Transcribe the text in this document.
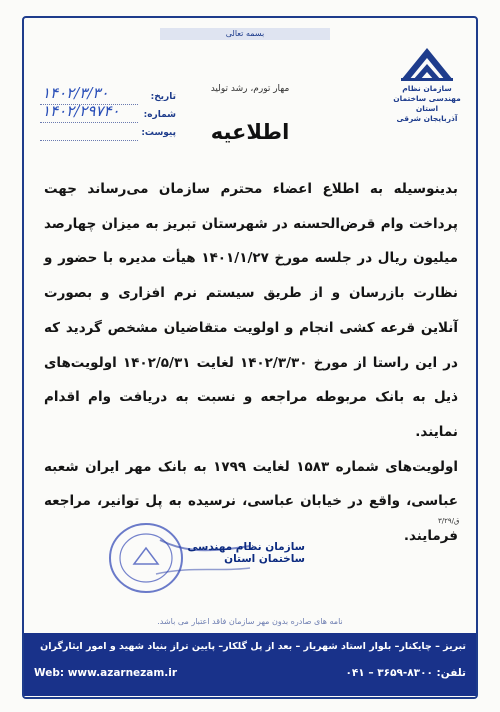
بسمه تعالی
سازمان نظام مهندسی ساختمان استان
آذربایجان شرقی
مهار تورم، رشد تولید
تاریخ:
۱۴۰۲/۳/۳۰
شماره:
۱۴۰۲/۲۹۷۴۰
پیوست:	اطلاعیه

بدینوسیله به اطلاع اعضاء محترم سازمان می‌رساند جهت پرداخت وام قرض‌الحسنه در شهرستان تبریز به میزان چهارصد میلیون ریال در جلسه مورخ ۱۴۰۱/۱/۲۷ هیأت مدیره با حضور و نظارت بازرسان و از طریق سیستم نرم افزاری و بصورت آنلاین قرعه کشی انجام و اولویت متقاضیان مشخص گردید که در این راستا از مورخ ۱۴۰۲/۳/۳۰ لغایت ۱۴۰۲/۵/۳۱ اولویت‌های ذیل به بانک مربوطه مراجعه و نسبت به دریافت وام اقدام نمایند.

اولویت‌های شماره ۱۵۸۳ لغایت ۱۷۹۹ به بانک مهر ایران شعبه عباسی، واقع در خیابان عباسی، نرسیده به پل توانیر، مراجعه فرمایند.

ق/۳/۲۹
سازمان نظام مهندسی ساختمان استان
نامه های صادره بدون مهر سازمان فاقد اعتبار می باشد.
تبریز – چایکنار– بلوار استاد شهریار – بعد از پل گلکار– پایین تراز بنیاد شهید و امور ایثارگران
Web: www.azarnezam.ir	تلفن: ۸۳۰۰-۳۶۵۹ – ۰۴۱
